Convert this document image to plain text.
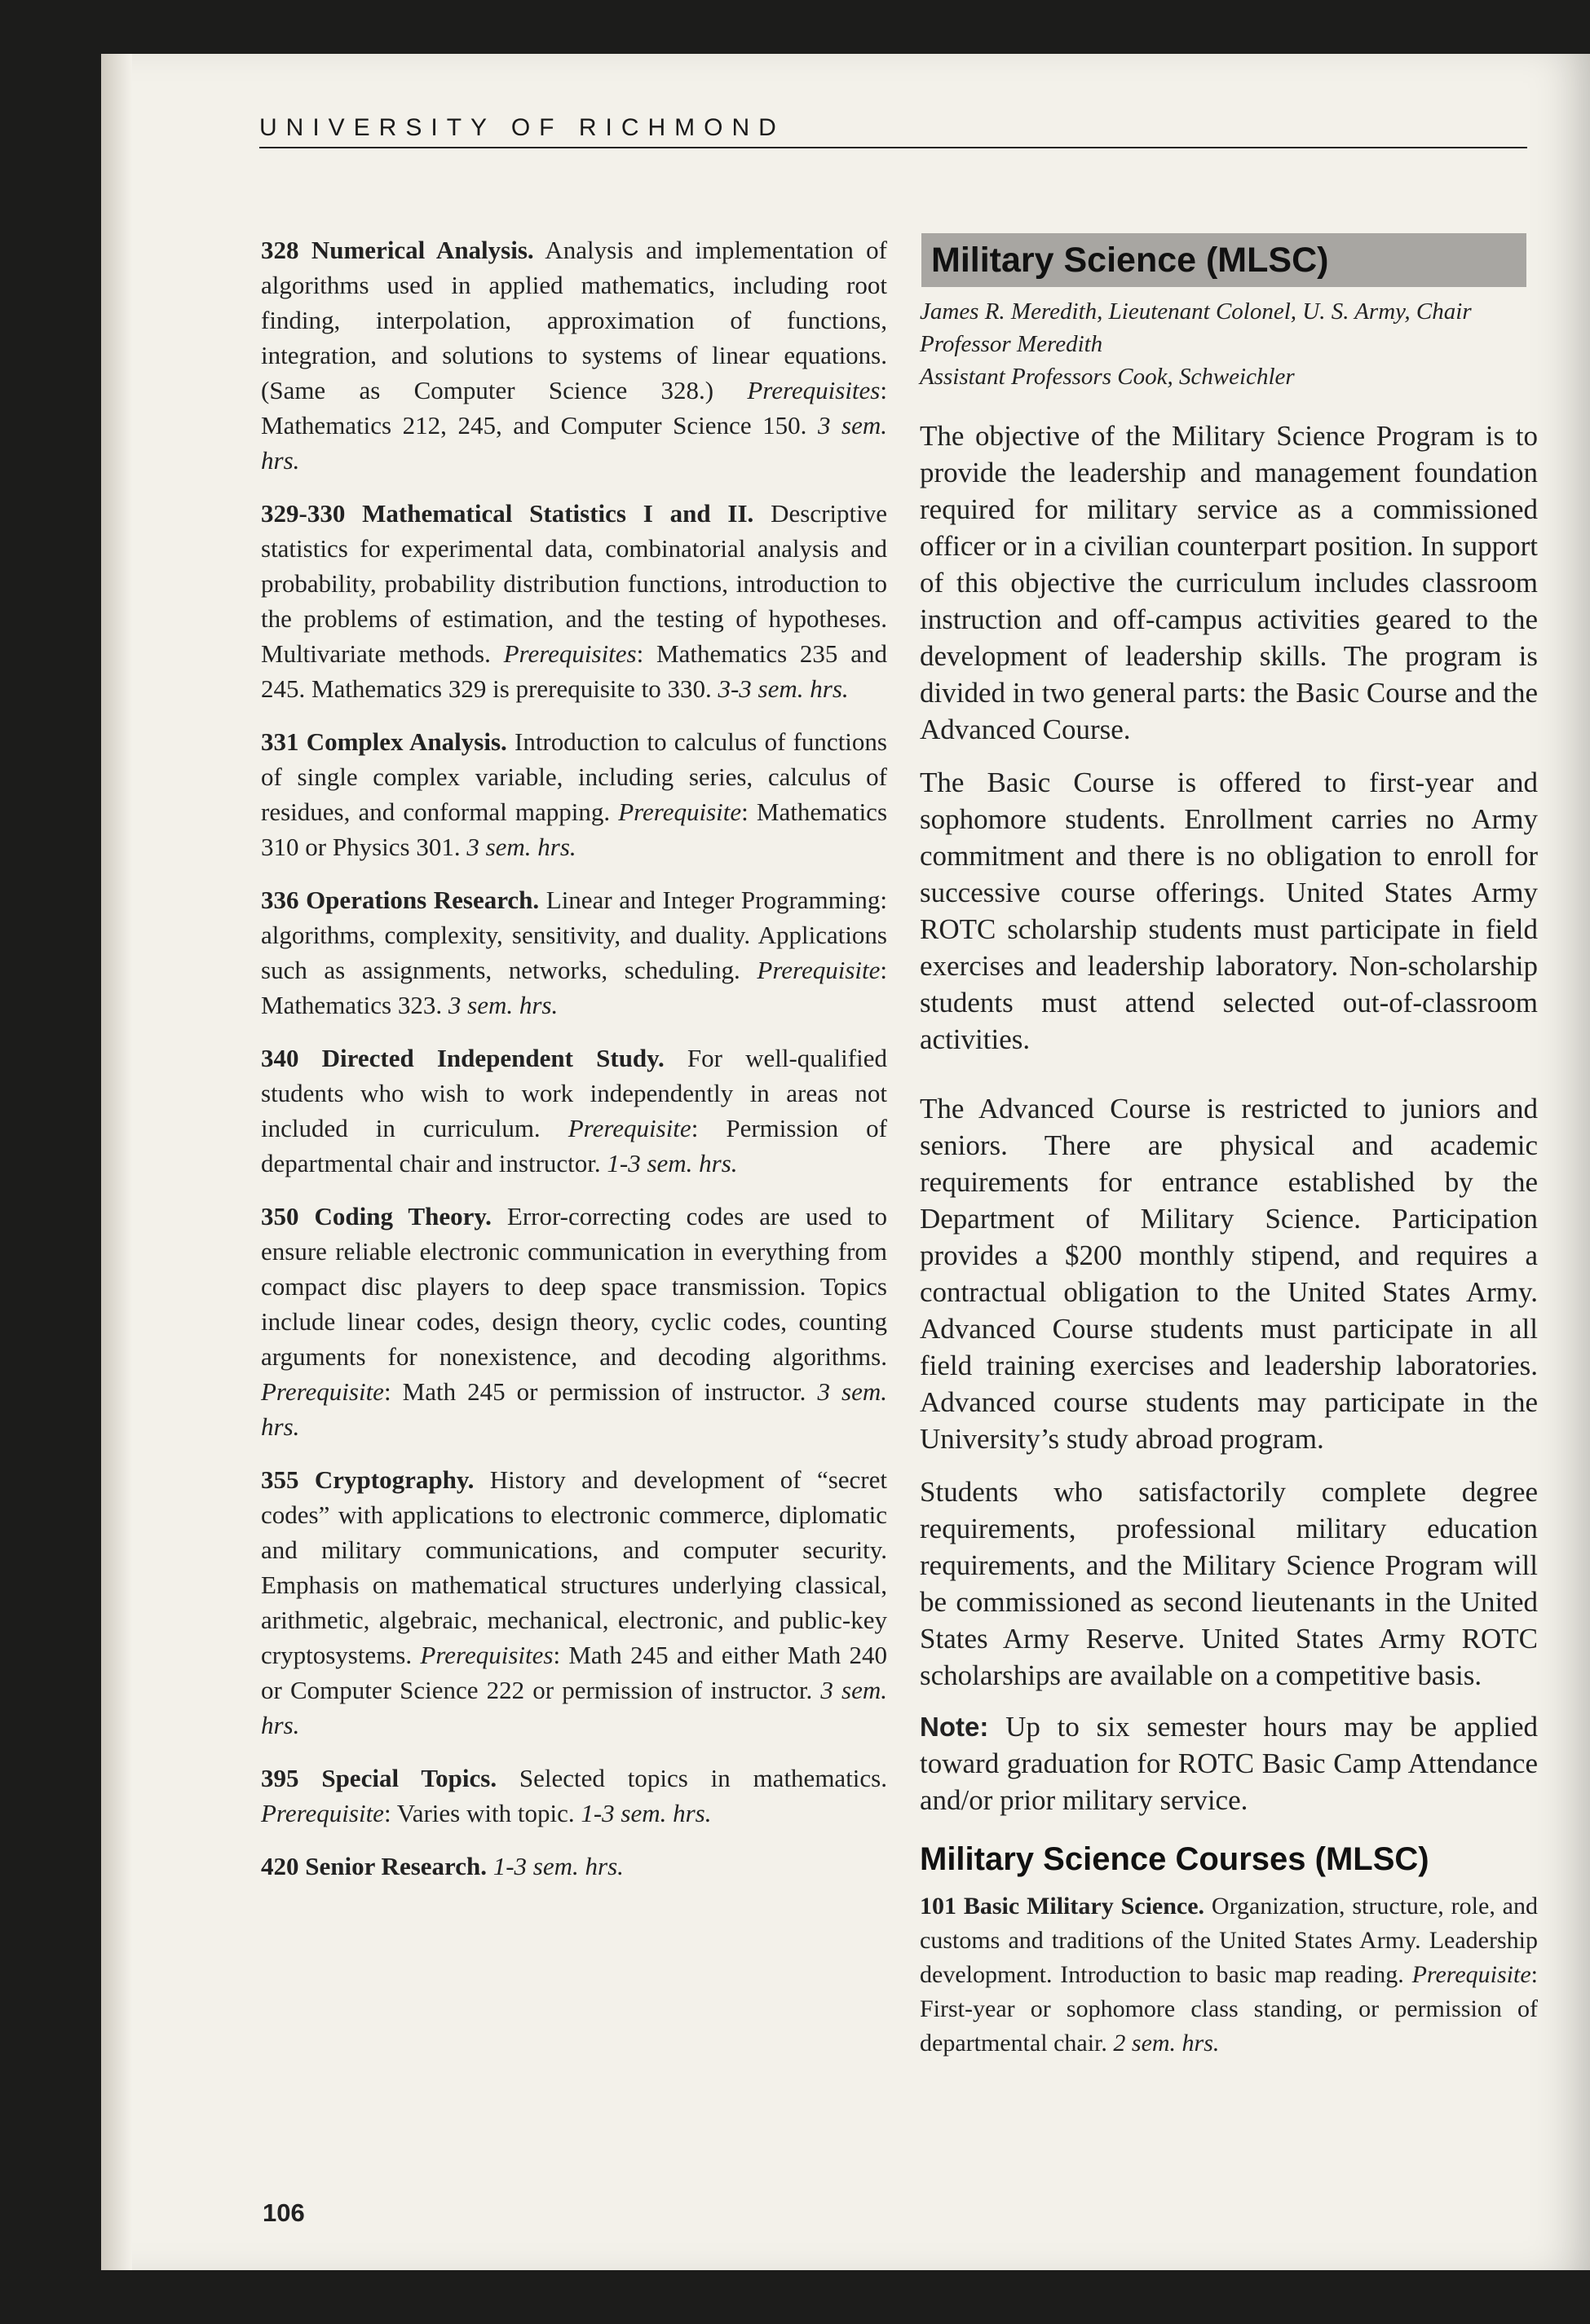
UNIVERSITY OF RICHMOND

328 Numerical Analysis. Analysis and implementation of algorithms used in applied mathematics, including root finding, interpolation, approximation of functions, integration, and solutions to systems of linear equations. (Same as Computer Science 328.) Prerequisites: Mathematics 212, 245, and Computer Science 150. 3 sem. hrs.

329-330 Mathematical Statistics I and II. Descriptive statistics for experimental data, combinatorial analysis and probability, probability distribution functions, introduction to the problems of estimation, and the testing of hypotheses. Multivariate methods. Prerequisites: Mathematics 235 and 245. Mathematics 329 is prerequisite to 330. 3-3 sem. hrs.

331 Complex Analysis. Introduction to calculus of functions of single complex variable, including series, calculus of residues, and conformal mapping. Prerequisite: Mathematics 310 or Physics 301. 3 sem. hrs.

336 Operations Research. Linear and Integer Programming: algorithms, complexity, sensitivity, and duality. Applications such as assignments, networks, scheduling. Prerequisite: Mathematics 323. 3 sem. hrs.

340 Directed Independent Study. For well-qualified students who wish to work independently in areas not included in curriculum. Prerequisite: Permission of departmental chair and instructor. 1-3 sem. hrs.

350 Coding Theory. Error-correcting codes are used to ensure reliable electronic communication in everything from compact disc players to deep space transmission. Topics include linear codes, design theory, cyclic codes, counting arguments for nonexistence, and decoding algorithms. Prerequisite: Math 245 or permission of instructor. 3 sem. hrs.

355 Cryptography. History and development of “secret codes” with applications to electronic commerce, diplomatic and military communications, and computer security. Emphasis on mathematical structures underlying classical, arithmetic, algebraic, mechanical, electronic, and public-key cryptosystems. Prerequisites: Math 245 and either Math 240 or Computer Science 222 or permission of instructor. 3 sem. hrs.

395 Special Topics. Selected topics in mathematics. Prerequisite: Varies with topic. 1-3 sem. hrs.

420 Senior Research. 1-3 sem. hrs.

Military Science (MLSC)
James R. Meredith, Lieutenant Colonel, U. S. Army, Chair
Professor Meredith
Assistant Professors Cook, Schweichler

The objective of the Military Science Program is to provide the leadership and management foundation required for military service as a commissioned officer or in a civilian counterpart position. In support of this objective the curriculum includes classroom instruction and off-campus activities geared to the development of leadership skills. The program is divided in two general parts: the Basic Course and the Advanced Course.

The Basic Course is offered to first-year and sophomore students. Enrollment carries no Army commitment and there is no obligation to enroll for successive course offerings. United States Army ROTC scholarship students must participate in field exercises and leadership laboratory. Non-scholarship students must attend selected out-of-classroom activities.

The Advanced Course is restricted to juniors and seniors. There are physical and academic requirements for entrance established by the Department of Military Science. Participation provides a $200 monthly stipend, and requires a contractual obligation to the United States Army. Advanced Course students must participate in all field training exercises and leadership laboratories. Advanced course students may participate in the University’s study abroad program.

Students who satisfactorily complete degree requirements, professional military education requirements, and the Military Science Program will be commissioned as second lieutenants in the United States Army Reserve. United States Army ROTC scholarships are available on a competitive basis.

Note: Up to six semester hours may be applied toward graduation for ROTC Basic Camp Attendance and/or prior military service.

Military Science Courses (MLSC)

101 Basic Military Science. Organization, structure, role, and customs and traditions of the United States Army. Leadership development. Introduction to basic map reading. Prerequisite: First-year or sophomore class standing, or permission of departmental chair. 2 sem. hrs.

106
